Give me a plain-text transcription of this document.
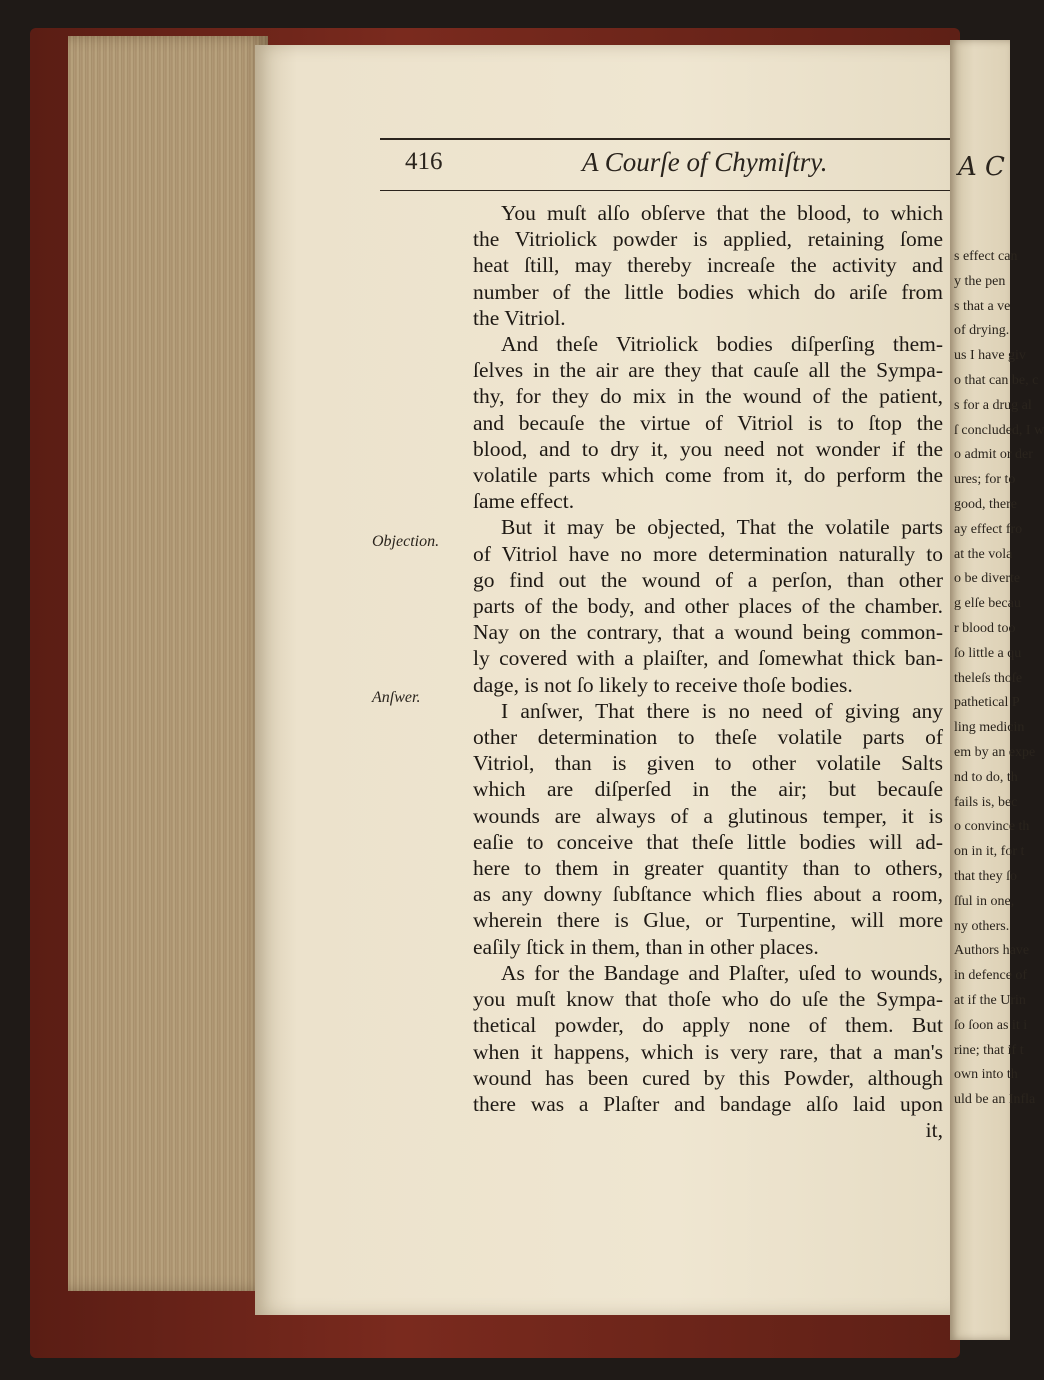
A C
s effect can
y the pen
s that a ve
of drying.
us I have giv
o that can be, c
s for a drug al
ſ concluded, I w
o admit or der
ures; for to
good, there
ay effect fro
at the vola
o be diverte
g elſe becau
r blood too
ſo little a qu
theleſs thoſe
pathetical P
ling medicin
em by an expe
nd to do, th
fails is, bec
o convince th
on in it, for t
that they ſo
ſſul in one,
ny others.
Authors have
in defence of
at if the Urin
ſo ſoon as it i
rine; that if t
own into th
uld be an Infla
416	A Courſe of Chymiſtry.
Objection.
Anſwer.
You muſt alſo obſerve that the blood, to which
the Vitriolick powder is applied, retaining ſome
heat ſtill, may thereby increaſe the activity and
number of the little bodies which do ariſe from
the Vitriol.
And theſe Vitriolick bodies diſperſing them-
ſelves in the air are they that cauſe all the Sympa-
thy, for they do mix in the wound of the patient,
and becauſe the virtue of Vitriol is to ſtop the
blood, and to dry it, you need not wonder if the
volatile parts which come from it, do perform the
ſame effect.
But it may be objected, That the volatile parts
of Vitriol have no more determination naturally to
go find out the wound of a perſon, than other
parts of the body, and other places of the chamber.
Nay on the contrary, that a wound being common-
ly covered with a plaiſter, and ſomewhat thick ban-
dage, is not ſo likely to receive thoſe bodies.
I anſwer, That there is no need of giving any
other determination to theſe volatile parts of
Vitriol, than is given to other volatile Salts
which are diſperſed in the air; but becauſe
wounds are always of a glutinous temper, it is
eaſie to conceive that theſe little bodies will ad-
here to them in greater quantity than to others,
as any downy ſubſtance which flies about a room,
wherein there is Glue, or Turpentine, will more
eaſily ſtick in them, than in other places.
As for the Bandage and Plaſter, uſed to wounds,
you muſt know that thoſe who do uſe the Sympa-
thetical powder, do apply none of them. But
when it happens, which is very rare, that a man's
wound has been cured by this Powder, although
there was a Plaſter and bandage alſo laid upon
it,
